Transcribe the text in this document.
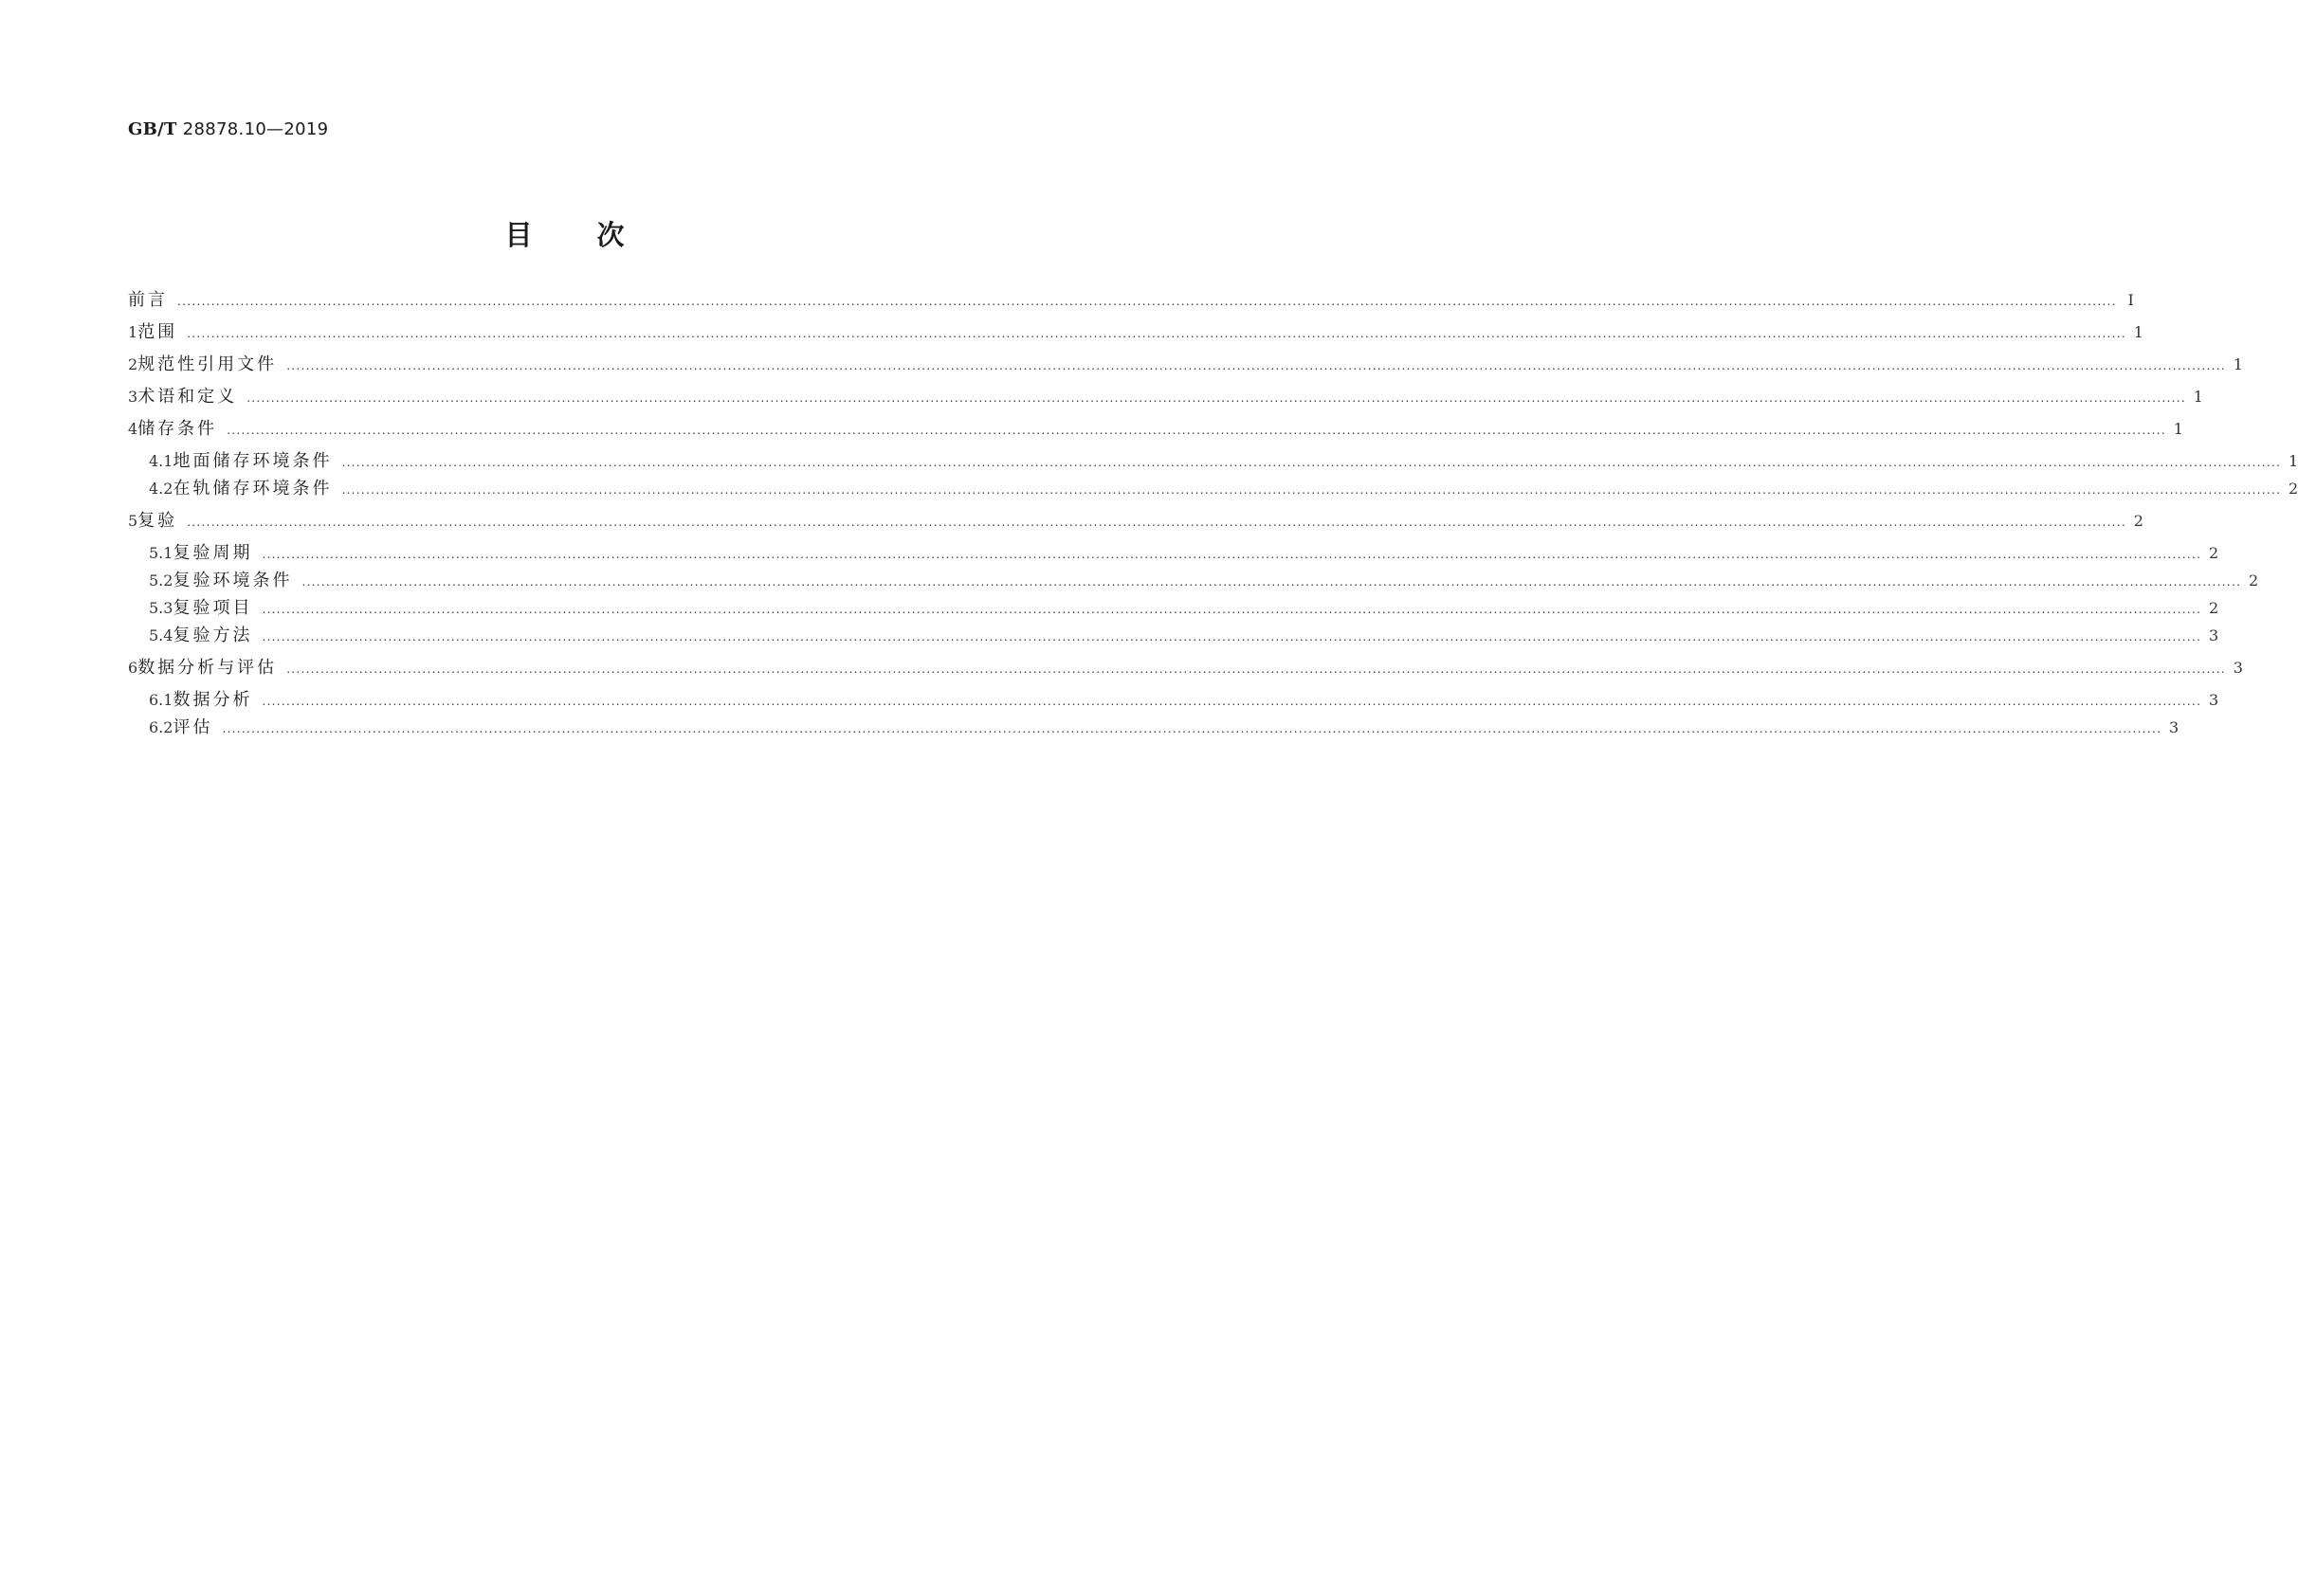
GB/T 28878.10—2019
目 次
前言 ................................................................................................................................................................................................................................................................................................................................................................................................................ Ⅰ
1 范围 ................................................................................................................................................................................................................................................................................................................................................................................................................ 1
2 规范性引用文件 ................................................................................................................................................................................................................................................................................................................................................................................................................ 1
3 术语和定义 ................................................................................................................................................................................................................................................................................................................................................................................................................ 1
4 储存条件 ................................................................................................................................................................................................................................................................................................................................................................................................................ 1
4.1 地面储存环境条件 ................................................................................................................................................................................................................................................................................................................................................................................................................ 1
4.2 在轨储存环境条件 ................................................................................................................................................................................................................................................................................................................................................................................................................ 2
5 复验 ................................................................................................................................................................................................................................................................................................................................................................................................................ 2
5.1 复验周期 ................................................................................................................................................................................................................................................................................................................................................................................................................ 2
5.2 复验环境条件 ................................................................................................................................................................................................................................................................................................................................................................................................................ 2
5.3 复验项目 ................................................................................................................................................................................................................................................................................................................................................................................................................ 2
5.4 复验方法 ................................................................................................................................................................................................................................................................................................................................................................................................................ 3
6 数据分析与评估 ................................................................................................................................................................................................................................................................................................................................................................................................................ 3
6.1 数据分析 ................................................................................................................................................................................................................................................................................................................................................................................................................ 3
6.2 评估 ................................................................................................................................................................................................................................................................................................................................................................................................................ 3
